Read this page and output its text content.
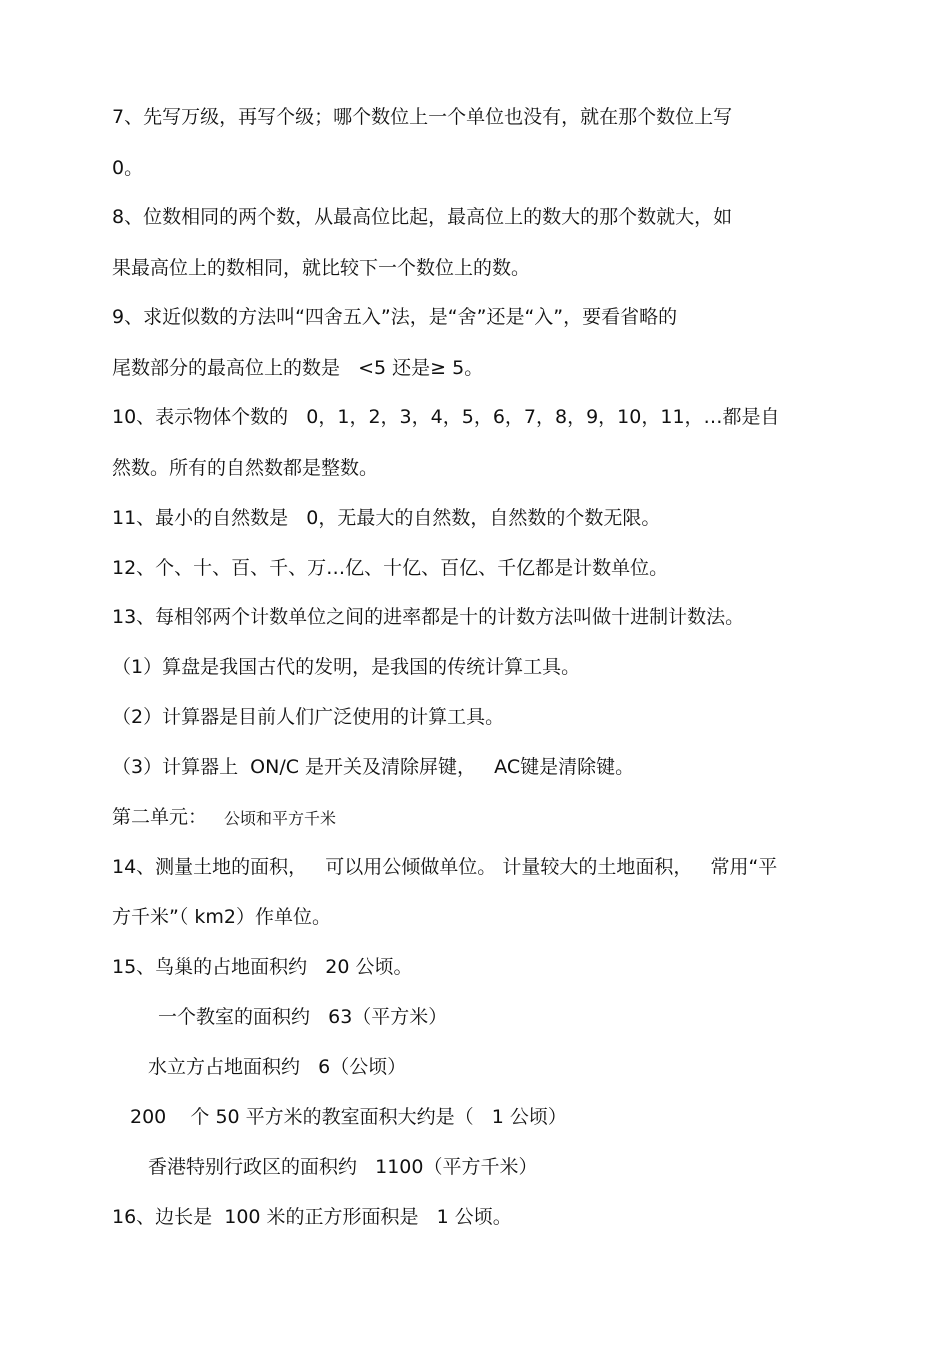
7、先写万级，再写个级；哪个数位上一个单位也没有，就在那个数位上写
0。
8、位数相同的两个数，从最高位比起，最高位上的数大的那个数就大，如
果最高位上的数相同，就比较下一个数位上的数。
9、求近似数的方法叫“四舍五入”法，是“舍”还是“入”，要看省略的
尾数部分的最高位上的数是   <5 还是≥ 5。
10、表示物体个数的   0，1，2，3，4，5，6，7，8，9，10，11，…都是自
然数。所有的自然数都是整数。
11、最小的自然数是   0，无最大的自然数，自然数的个数无限。
12、个、十、百、千、万…亿、十亿、百亿、千亿都是计数单位。
13、每相邻两个计数单位之间的进率都是十的计数方法叫做十进制计数法。
（1）算盘是我国古代的发明，是我国的传统计算工具。
（2）计算器是目前人们广泛使用的计算工具。
（3）计算器上  ON/C 是开关及清除屏键，   AC键是清除键。
第二单元： 公顷和平方千米
14、测量土地的面积，   可以用公倾做单位。 计量较大的土地面积，   常用“平
方千米”（ km2）作单位。
15、鸟巢的占地面积约   20 公顷。
一个教室的面积约   63（平方米）
水立方占地面积约   6（公顷）
200    个 50 平方米的教室面积大约是（   1 公顷）
香港特别行政区的面积约   1100（平方千米）
16、边长是  100 米的正方形面积是   1 公顷。
